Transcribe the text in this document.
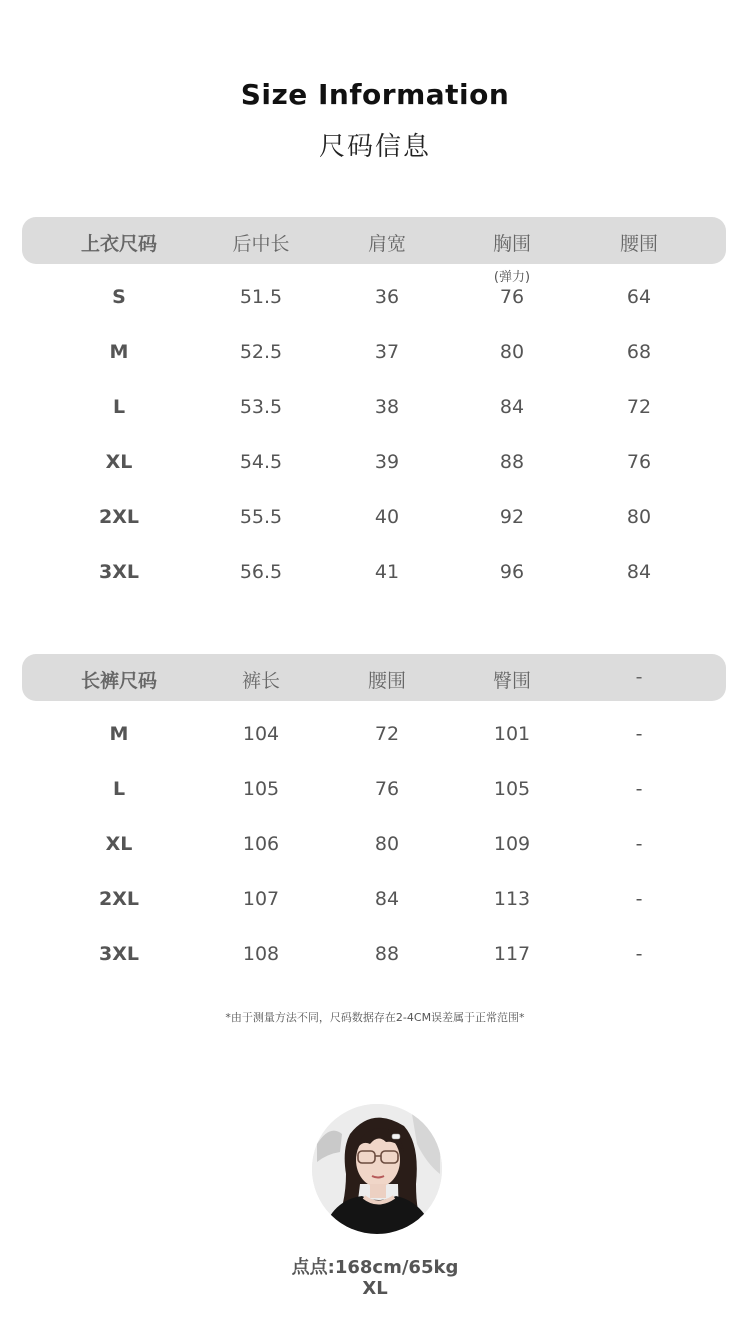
Size Information
尺码信息
上衣尺码	后中长	肩宽	胸围	腰围
(弹力)
S	51.5	36	76	64
M	52.5	37	80	68
L	53.5	38	84	72
XL	54.5	39	88	76
2XL	55.5	40	92	80
3XL	56.5	41	96	84
长裤尺码	裤长	腰围	臀围	-
M	104	72	101	-
L	105	76	105	-
XL	106	80	109	-
2XL	107	84	113	-
3XL	108	88	117	-
*由于测量方法不同，尺码数据存在2-4CM误差属于正常范围*
点点:168cm/65kg
XL
